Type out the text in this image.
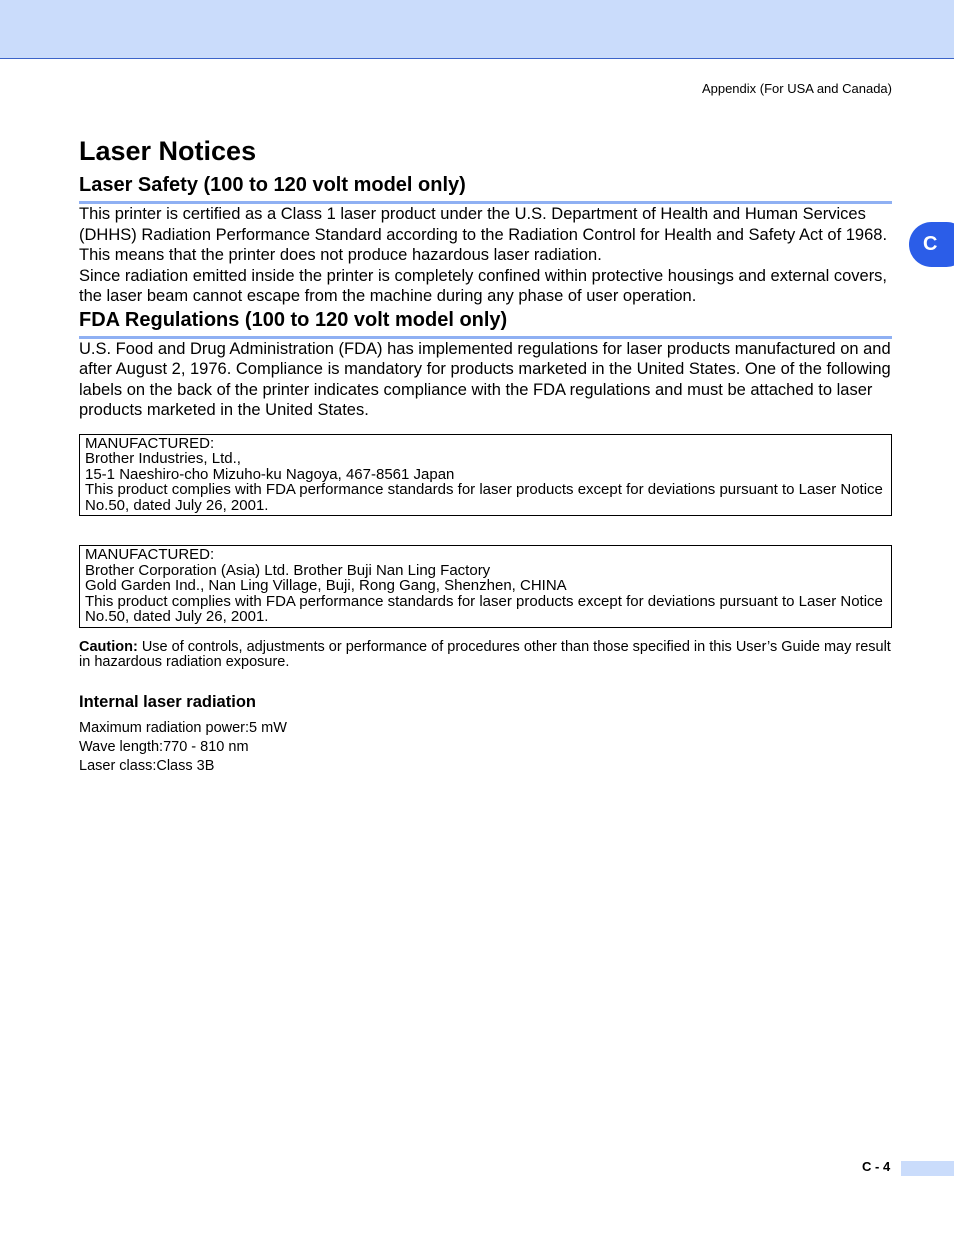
Appendix (For USA and Canada)
C
Laser Notices
Laser Safety (100 to 120 volt model only)

This printer is certified as a Class 1 laser product under the U.S. Department of Health and Human Services (DHHS) Radiation Performance Standard according to the Radiation Control for Health and Safety Act of 1968. This means that the printer does not produce hazardous laser radiation.

Since radiation emitted inside the printer is completely confined within protective housings and external covers, the laser beam cannot escape from the machine during any phase of user operation.

FDA Regulations (100 to 120 volt model only)

U.S. Food and Drug Administration (FDA) has implemented regulations for laser products manufactured on and after August 2, 1976. Compliance is mandatory for products marketed in the United States. One of the following labels on the back of the printer indicates compliance with the FDA regulations and must be attached to laser products marketed in the United States.

MANUFACTURED:
Brother Industries, Ltd.,
15-1 Naeshiro-cho Mizuho-ku Nagoya, 467-8561 Japan
This product complies with FDA performance standards for laser products except for deviations pursuant to Laser Notice No.50, dated July 26, 2001.
MANUFACTURED:
Brother Corporation (Asia) Ltd. Brother Buji Nan Ling Factory
Gold Garden Ind., Nan Ling Village, Buji, Rong Gang, Shenzhen, CHINA
This product complies with FDA performance standards for laser products except for deviations pursuant to Laser Notice No.50, dated July 26, 2001.
Caution: Use of controls, adjustments or performance of procedures other than those specified in this User’s Guide may result in hazardous radiation exposure.
Internal laser radiation
Maximum radiation power:5 mW
Wave length:770 - 810 nm
Laser class:Class 3B
C - 4
